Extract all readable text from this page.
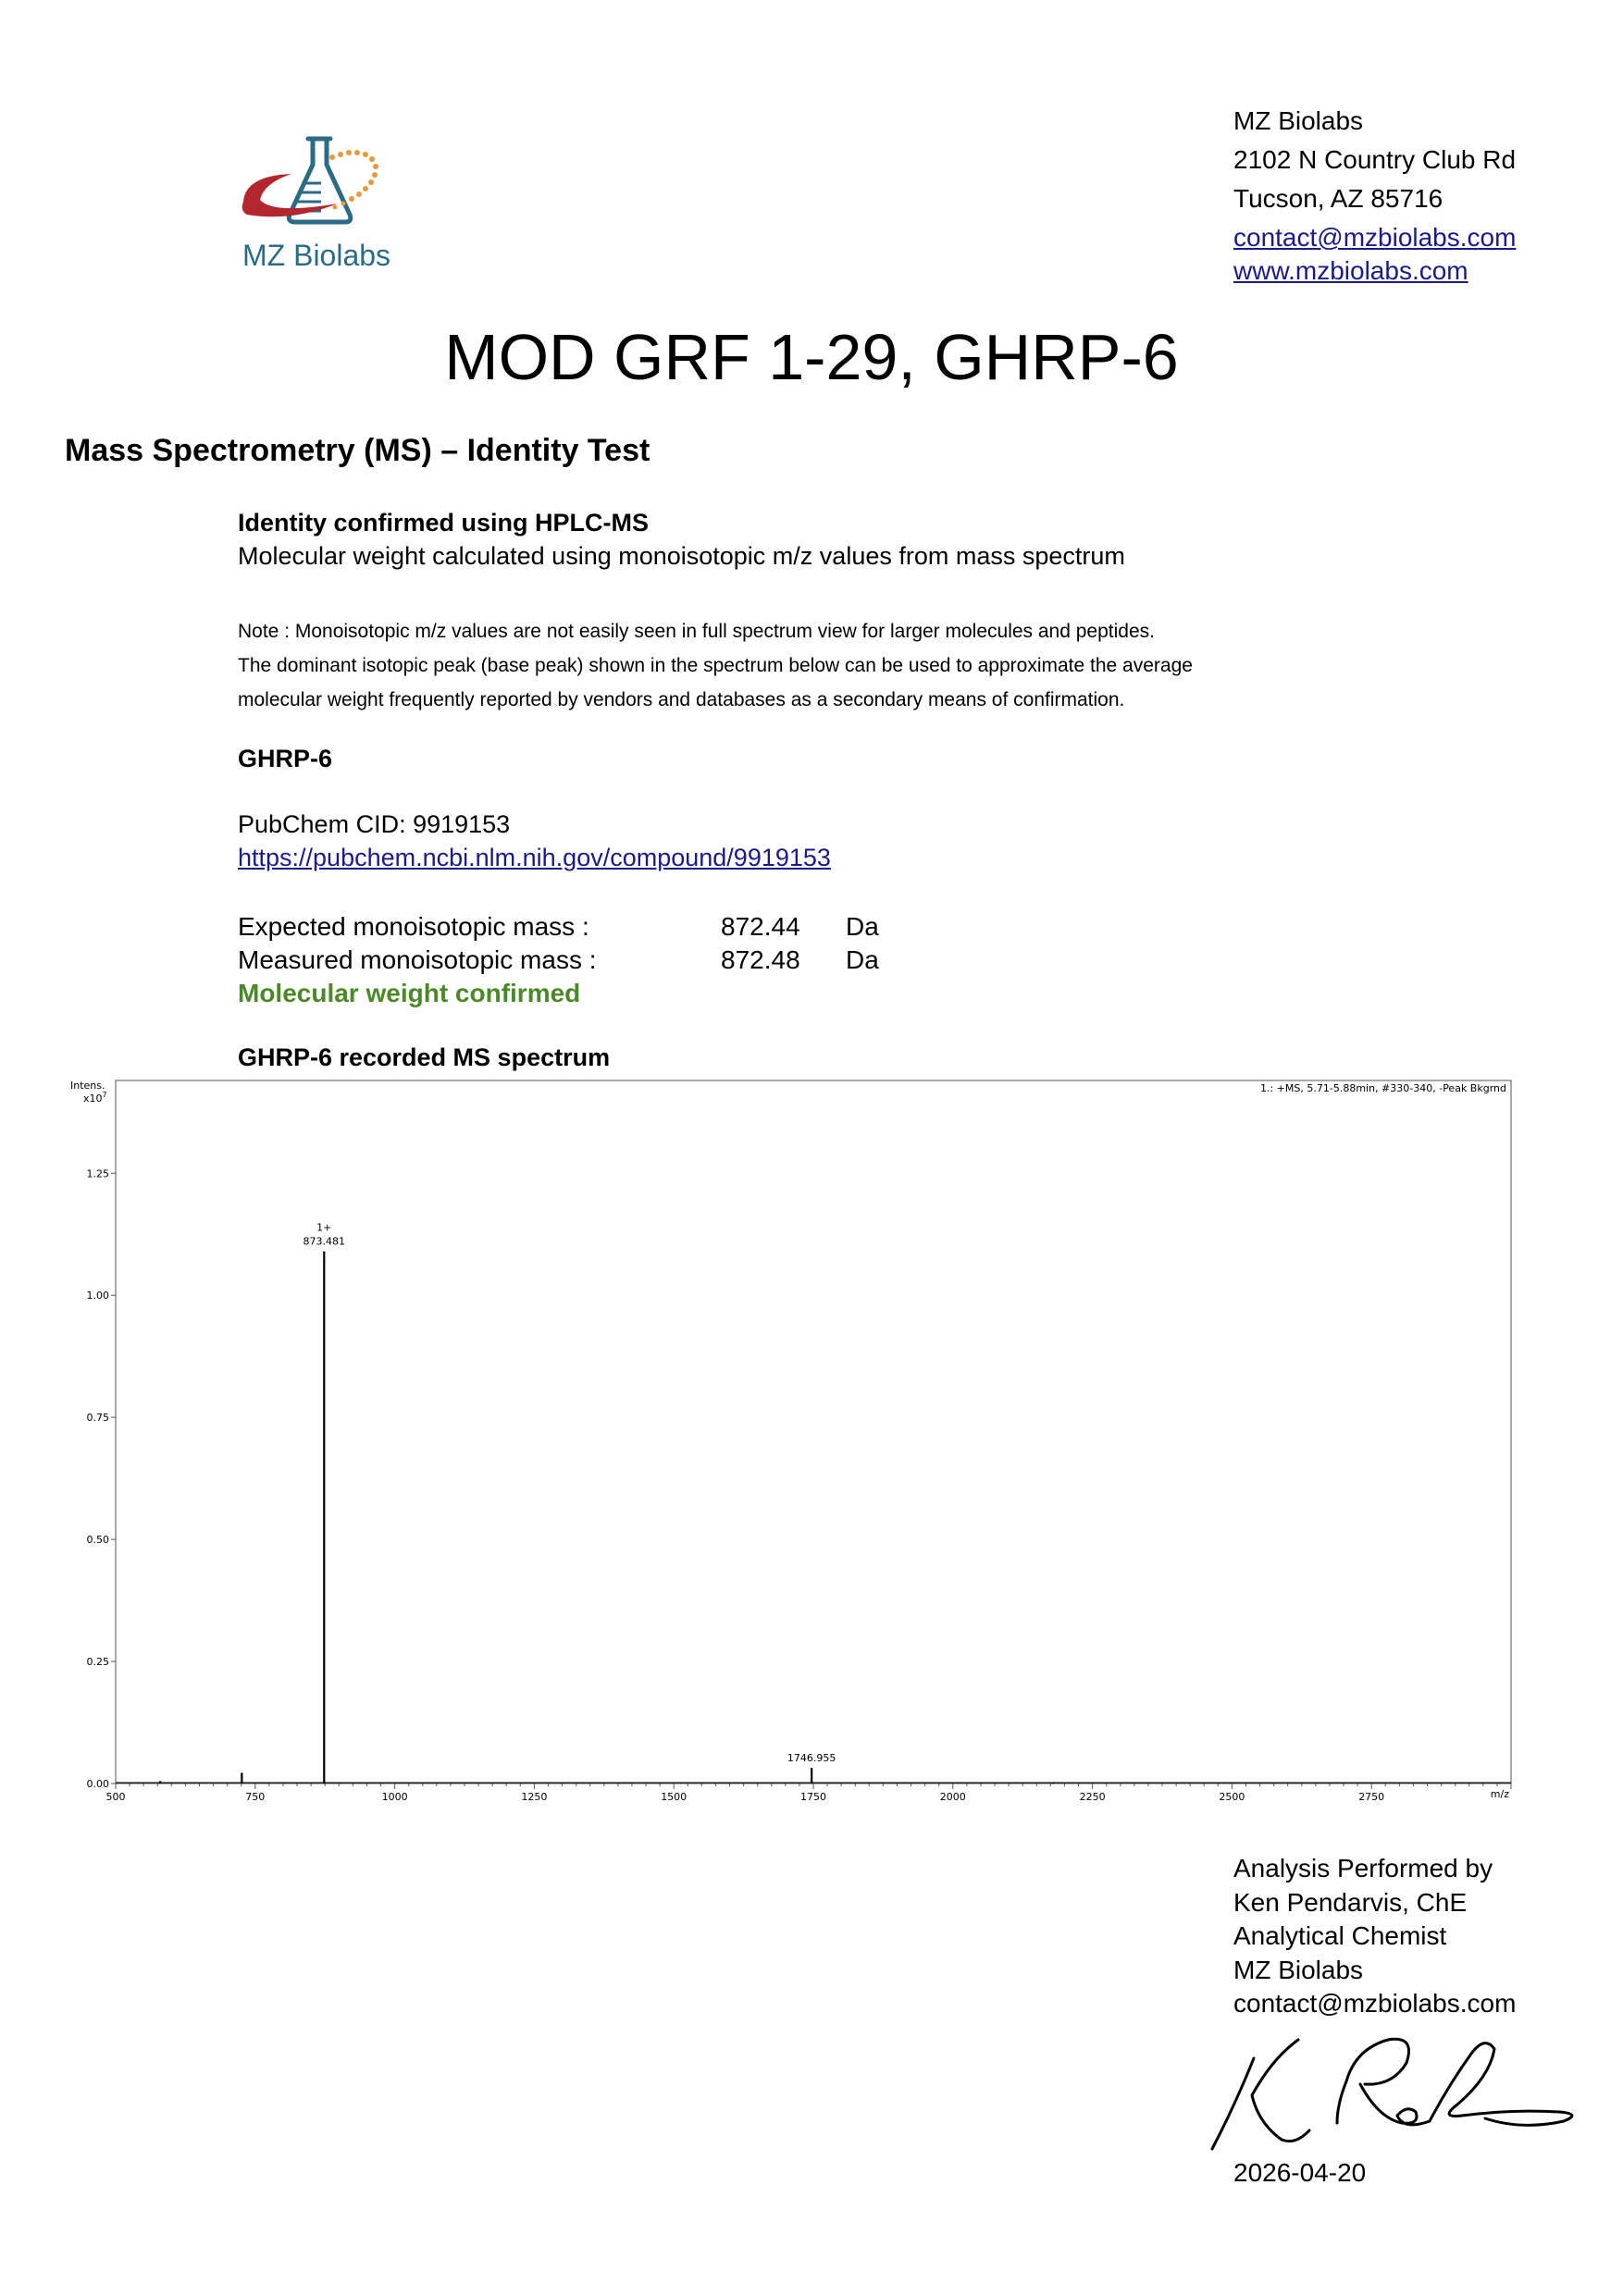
MZ Biolabs
MZ Biolabs
2102 N Country Club Rd
Tucson, AZ 85716
contact@mzbiolabs.com
www.mzbiolabs.com
MOD GRF 1-29, GHRP-6
Mass Spectrometry (MS) – Identity Test
Identity confirmed using HPLC-MS
Molecular weight calculated using monoisotopic m/z values from mass spectrum
Note : Monoisotopic m/z values are not easily seen in full spectrum view for larger molecules and peptides.
The dominant isotopic peak (base peak) shown in the spectrum below can be used to approximate the average
molecular weight frequently reported by vendors and databases as a secondary means of confirmation.
GHRP-6
PubChem CID: 9919153
https://pubchem.ncbi.nlm.nih.gov/compound/9919153
Expected monoisotopic mass :	872.44 Da
Measured monoisotopic mass :	872.48 Da
Molecular weight confirmed
GHRP-6 recorded MS spectrum
Intens.
$x10^7$
1.: +MS, 5.71-5.88min, #330-340, -Peak Bkgrnd
m/z
0.00
0.25
0.50
0.75
1.00
1.25
500	750	1000	1250	1500	1750	2000	2250	2500	2750
1+
873.481
1746.955
Analysis Performed by
Ken Pendarvis, ChE
Analytical Chemist
MZ Biolabs
contact@mzbiolabs.com
2026-04-20
